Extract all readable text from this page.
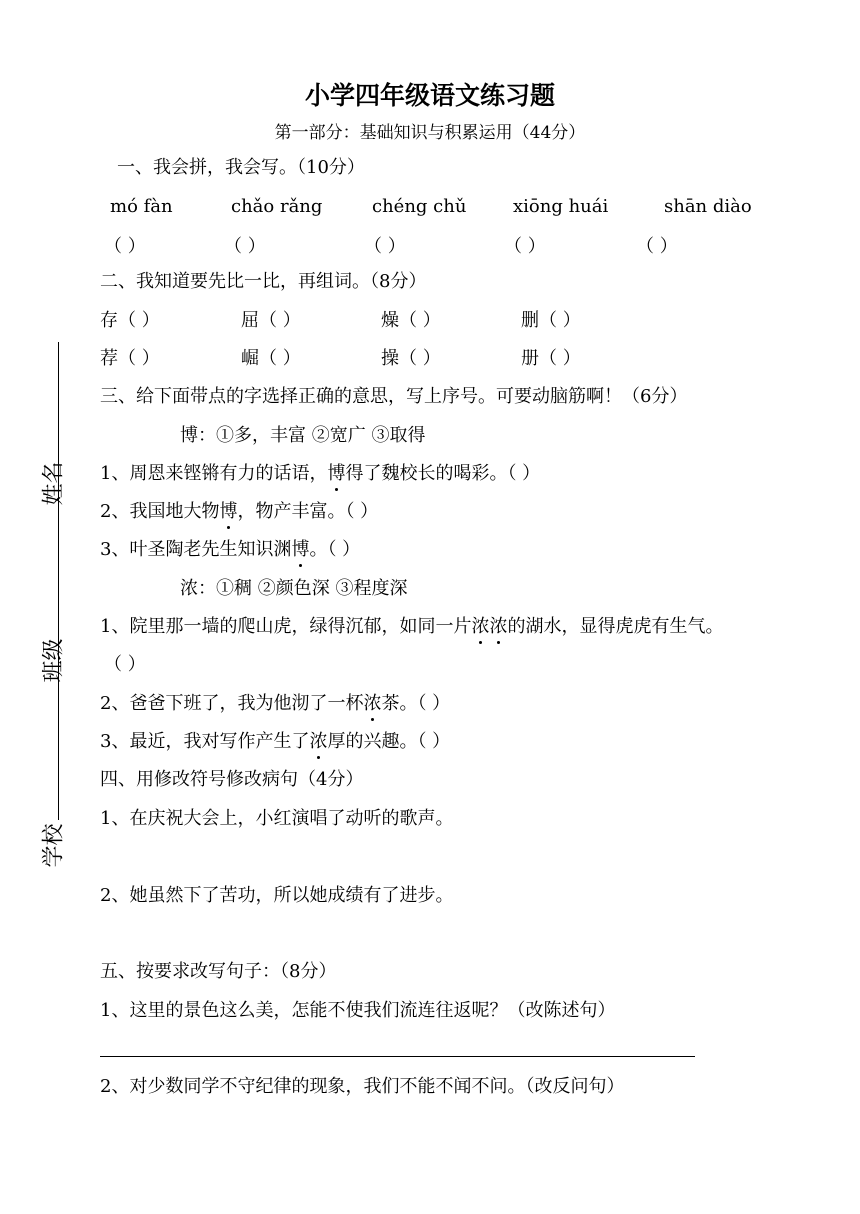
姓名
班级
学校
小学四年级语文练习题
第一部分：基础知识与积累运用（44分）
一、我会拼，我会写。（10分）
mó fàn	chǎo rǎng	chéng chǔ	xiōng huái	shān diào
（ ）	（ ）	（ ）	（ ）	（ ）
二、我知道要先比一比，再组词。（8分）
存（ ）	屈（ ）	燥（ ）	删（ ）
荐（ ）	崛（ ）	操（ ）	册（ ）
三、给下面带点的字选择正确的意思，写上序号。可要动脑筋啊！（6分）
博：①多，丰富 ②宽广 ③取得
1、周恩来铿锵有力的话语，博得了魏校长的喝彩。（ ）
2、我国地大物博，物产丰富。（ ）
3、叶圣陶老先生知识渊博。（ ）
浓：①稠 ②颜色深 ③程度深
1、院里那一墙的爬山虎，绿得沉郁，如同一片浓浓的湖水，显得虎虎有生气。
（ ）
2、爸爸下班了，我为他沏了一杯浓茶。（ ）
3、最近，我对写作产生了浓厚的兴趣。（ ）
四、用修改符号修改病句（4分）
1、在庆祝大会上，小红演唱了动听的歌声。
2、她虽然下了苦功，所以她成绩有了进步。
五、按要求改写句子：（8分）
1、这里的景色这么美，怎能不使我们流连往返呢？（改陈述句）
2、对少数同学不守纪律的现象，我们不能不闻不问。（改反问句）
